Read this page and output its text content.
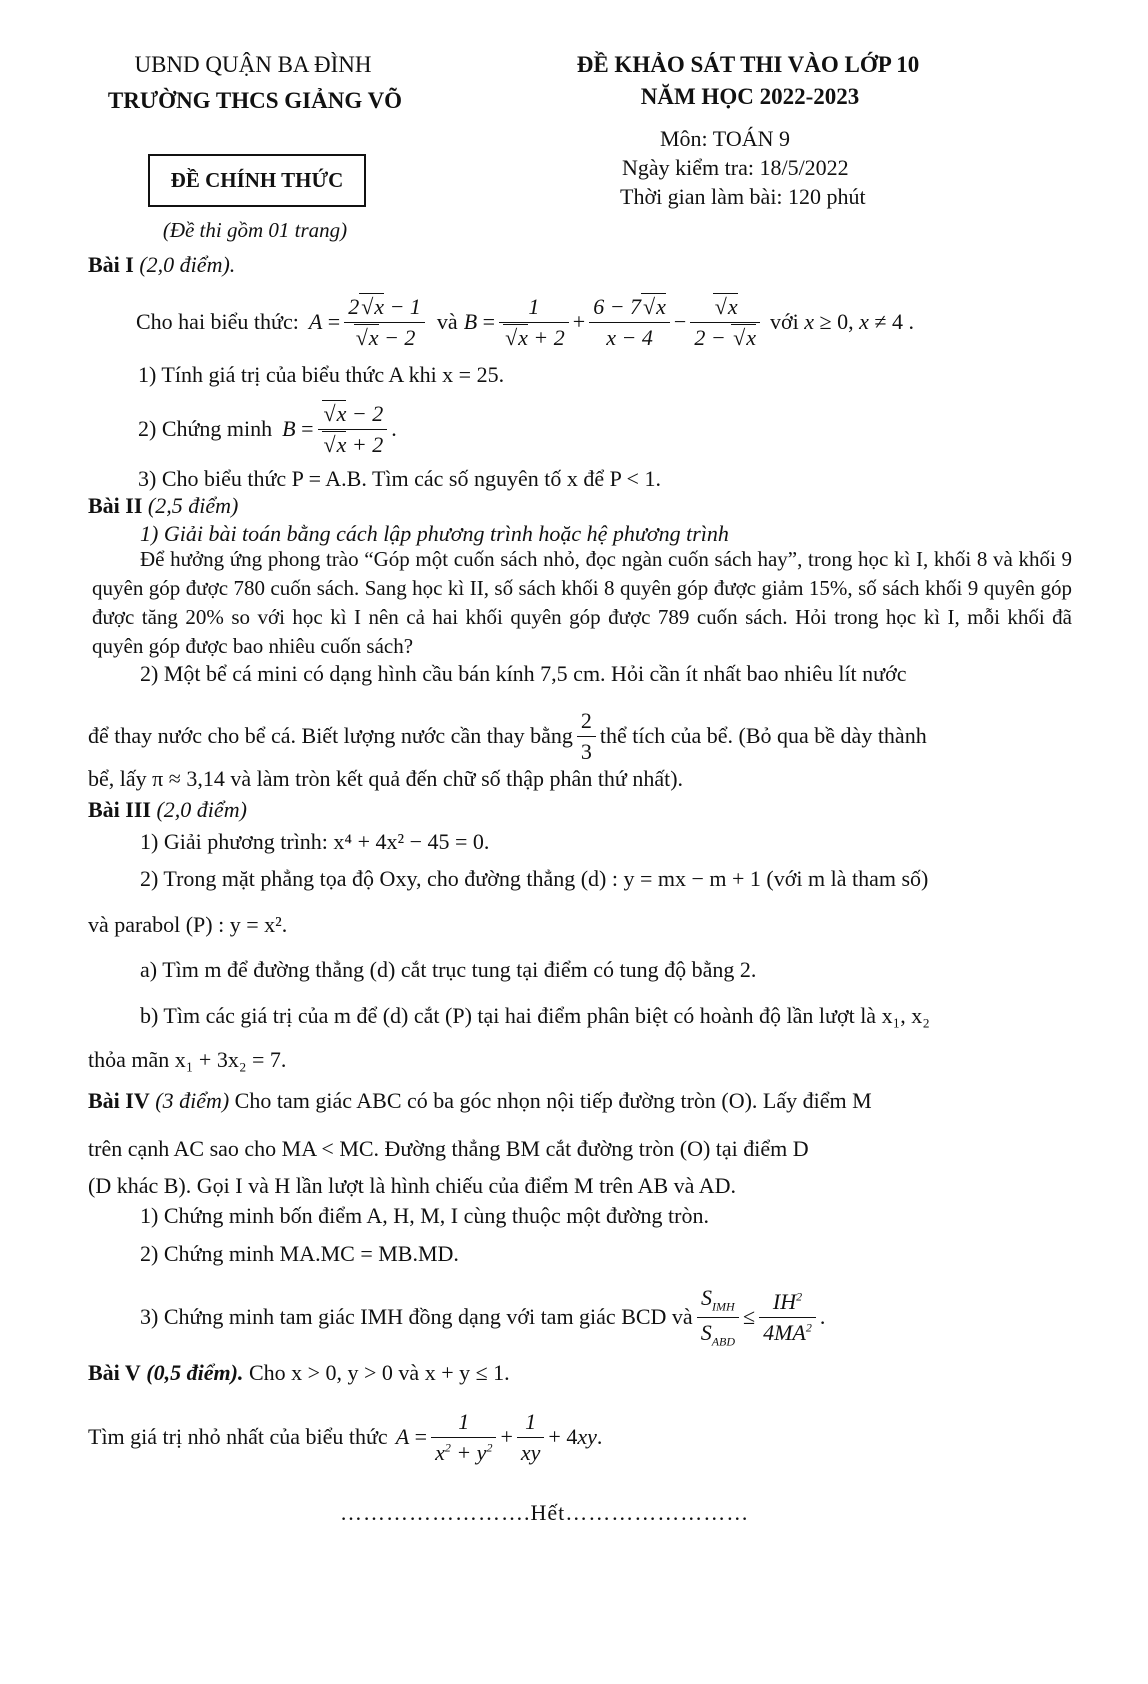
UBND QUẬN BA ĐÌNH
TRƯỜNG THCS GIẢNG VÕ
ĐỀ CHÍNH THỨC
(Đề thi gồm 01 trang)
ĐỀ KHẢO SÁT THI VÀO LỚP 10
NĂM HỌC 2022-2023
Môn: TOÁN 9
Ngày kiểm tra: 18/5/2022
Thời gian làm bài: 120 phút
Bài I (2,0 điểm).
Cho hai biểu thức: A = 2 √ x − 1
√ x − 2 và B = 1
√ $x + 2 + \frac{6 - 7 √ x}{x - 4}$ − √ $\frac{x}{2 - √ x}$ với x ≥ 0, x ≠ 4 .
1) Tính giá trị của biểu thức A khi x = 25.
2) Chứng minh B = √ x − 2
√ x + 2 .
3) Cho biểu thức P = A.B. Tìm các số nguyên tố x để P < 1.
Bài II (2,5 điểm)
1) Giải bài toán bằng cách lập phương trình hoặc hệ phương trình
Để hưởng ứng phong trào “Góp một cuốn sách nhỏ, đọc ngàn cuốn sách hay”, trong học kì I, khối 8 và khối 9 quyên góp được 780 cuốn sách. Sang học kì II, số sách khối 8 quyên góp được giảm 15%, số sách khối 9 quyên góp được tăng 20% so với học kì I nên cả hai khối quyên góp được 789 cuốn sách. Hỏi trong học kì I, mỗi khối đã quyên góp được bao nhiêu cuốn sách?
2) Một bể cá mini có dạng hình cầu bán kính 7,5 cm. Hỏi cần ít nhất bao nhiêu lít nước
để thay nước cho bể cá. Biết lượng nước cần thay bằng $\frac{2}{3}$ thể tích của bể. (Bỏ qua bề dày thành
bể, lấy π ≈ 3,14 và làm tròn kết quả đến chữ số thập phân thứ nhất).
Bài III (2,0 điểm)
1) Giải phương trình: x⁴ + 4x² − 45 = 0.
2) Trong mặt phẳng tọa độ Oxy, cho đường thẳng (d) : y = mx − m + 1 (với m là tham số)
và parabol (P) : y = x².
a) Tìm m để đường thẳng (d) cắt trục tung tại điểm có tung độ bằng 2.
b) Tìm các giá trị của m để (d) cắt (P) tại hai điểm phân biệt có hoành độ lần lượt là x₁, x₂
thỏa mãn x₁ + 3x₂ = 7.
Bài IV (3 điểm) Cho tam giác ABC có ba góc nhọn nội tiếp đường tròn (O). Lấy điểm M
trên cạnh AC sao cho MA < MC. Đường thẳng BM cắt đường tròn (O) tại điểm D
(D khác B). Gọi I và H lần lượt là hình chiếu của điểm M trên AB và AD.
1) Chứng minh bốn điểm A, H, M, I cùng thuộc một đường tròn.
2) Chứng minh MA.MC = MB.MD.
3) Chứng minh tam giác IMH đồng dạng với tam giác BCD và $\frac{S_{IMH}}{S_{ABD}} \le \frac{IH^2}{4MA^2}$ .
Bài V (0,5 điểm). Cho x > 0, y > 0 và x + y ≤ 1.
Tìm giá trị nhỏ nhất của biểu thức $A = \frac{1}{x^2 + y^2} + \frac{1}{xy} + 4xy$.
…………………….Hết……………………
